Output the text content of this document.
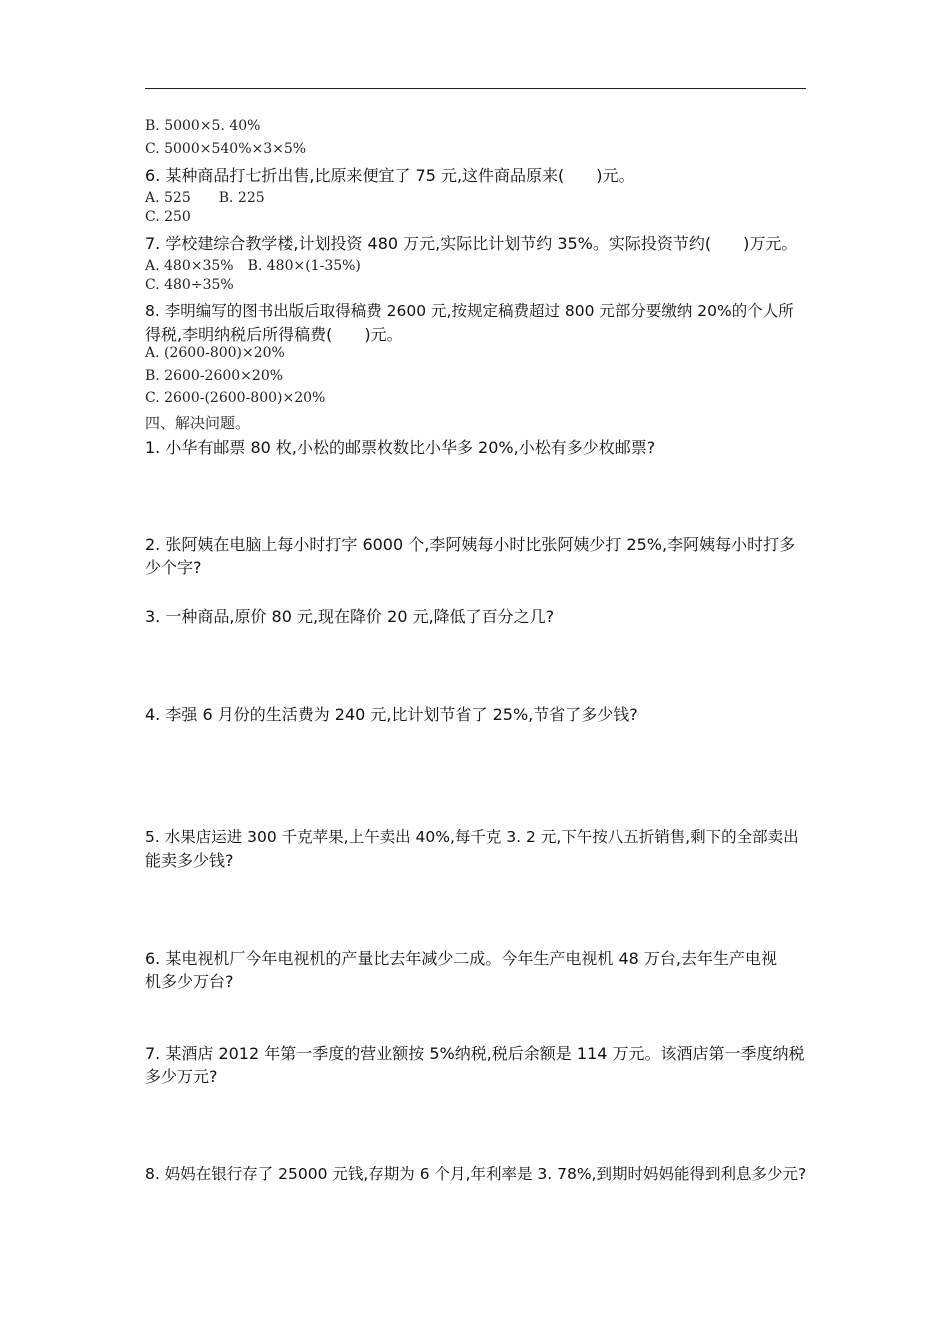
B. 5000×5. 40%
C. 5000×540%×3×5%
6. 某种商品打七折出售,比原来便宜了 75 元,这件商品原来(　　)元。
A. 525　　B. 225
C. 250
7. 学校建综合教学楼,计划投资 480 万元,实际比计划节约 35%。实际投资节约(　　)万元。
A. 480×35%　B. 480×(1-35%)
C. 480÷35%
8. 李明编写的图书出版后取得稿费 2600 元,按规定稿费超过 800 元部分要缴纳 20%的个人所
得税,李明纳税后所得稿费(　　)元。
A. (2600-800)×20%
B. 2600-2600×20%
C. 2600-(2600-800)×20%
四、解决问题。
1. 小华有邮票 80 枚,小松的邮票枚数比小华多 20%,小松有多少枚邮票?
2. 张阿姨在电脑上每小时打字 6000 个,李阿姨每小时比张阿姨少打 25%,李阿姨每小时打多
少个字?
3. 一种商品,原价 80 元,现在降价 20 元,降低了百分之几?
4. 李强 6 月份的生活费为 240 元,比计划节省了 25%,节省了多少钱?
5. 水果店运进 300 千克苹果,上午卖出 40%,每千克 3. 2 元,下午按八五折销售,剩下的全部卖出
能卖多少钱?
6. 某电视机厂今年电视机的产量比去年减少二成。今年生产电视机 48 万台,去年生产电视
机多少万台?
7. 某酒店 2012 年第一季度的营业额按 5%纳税,税后余额是 114 万元。该酒店第一季度纳税
多少万元?
8. 妈妈在银行存了 25000 元钱,存期为 6 个月,年利率是 3. 78%,到期时妈妈能得到利息多少元?
